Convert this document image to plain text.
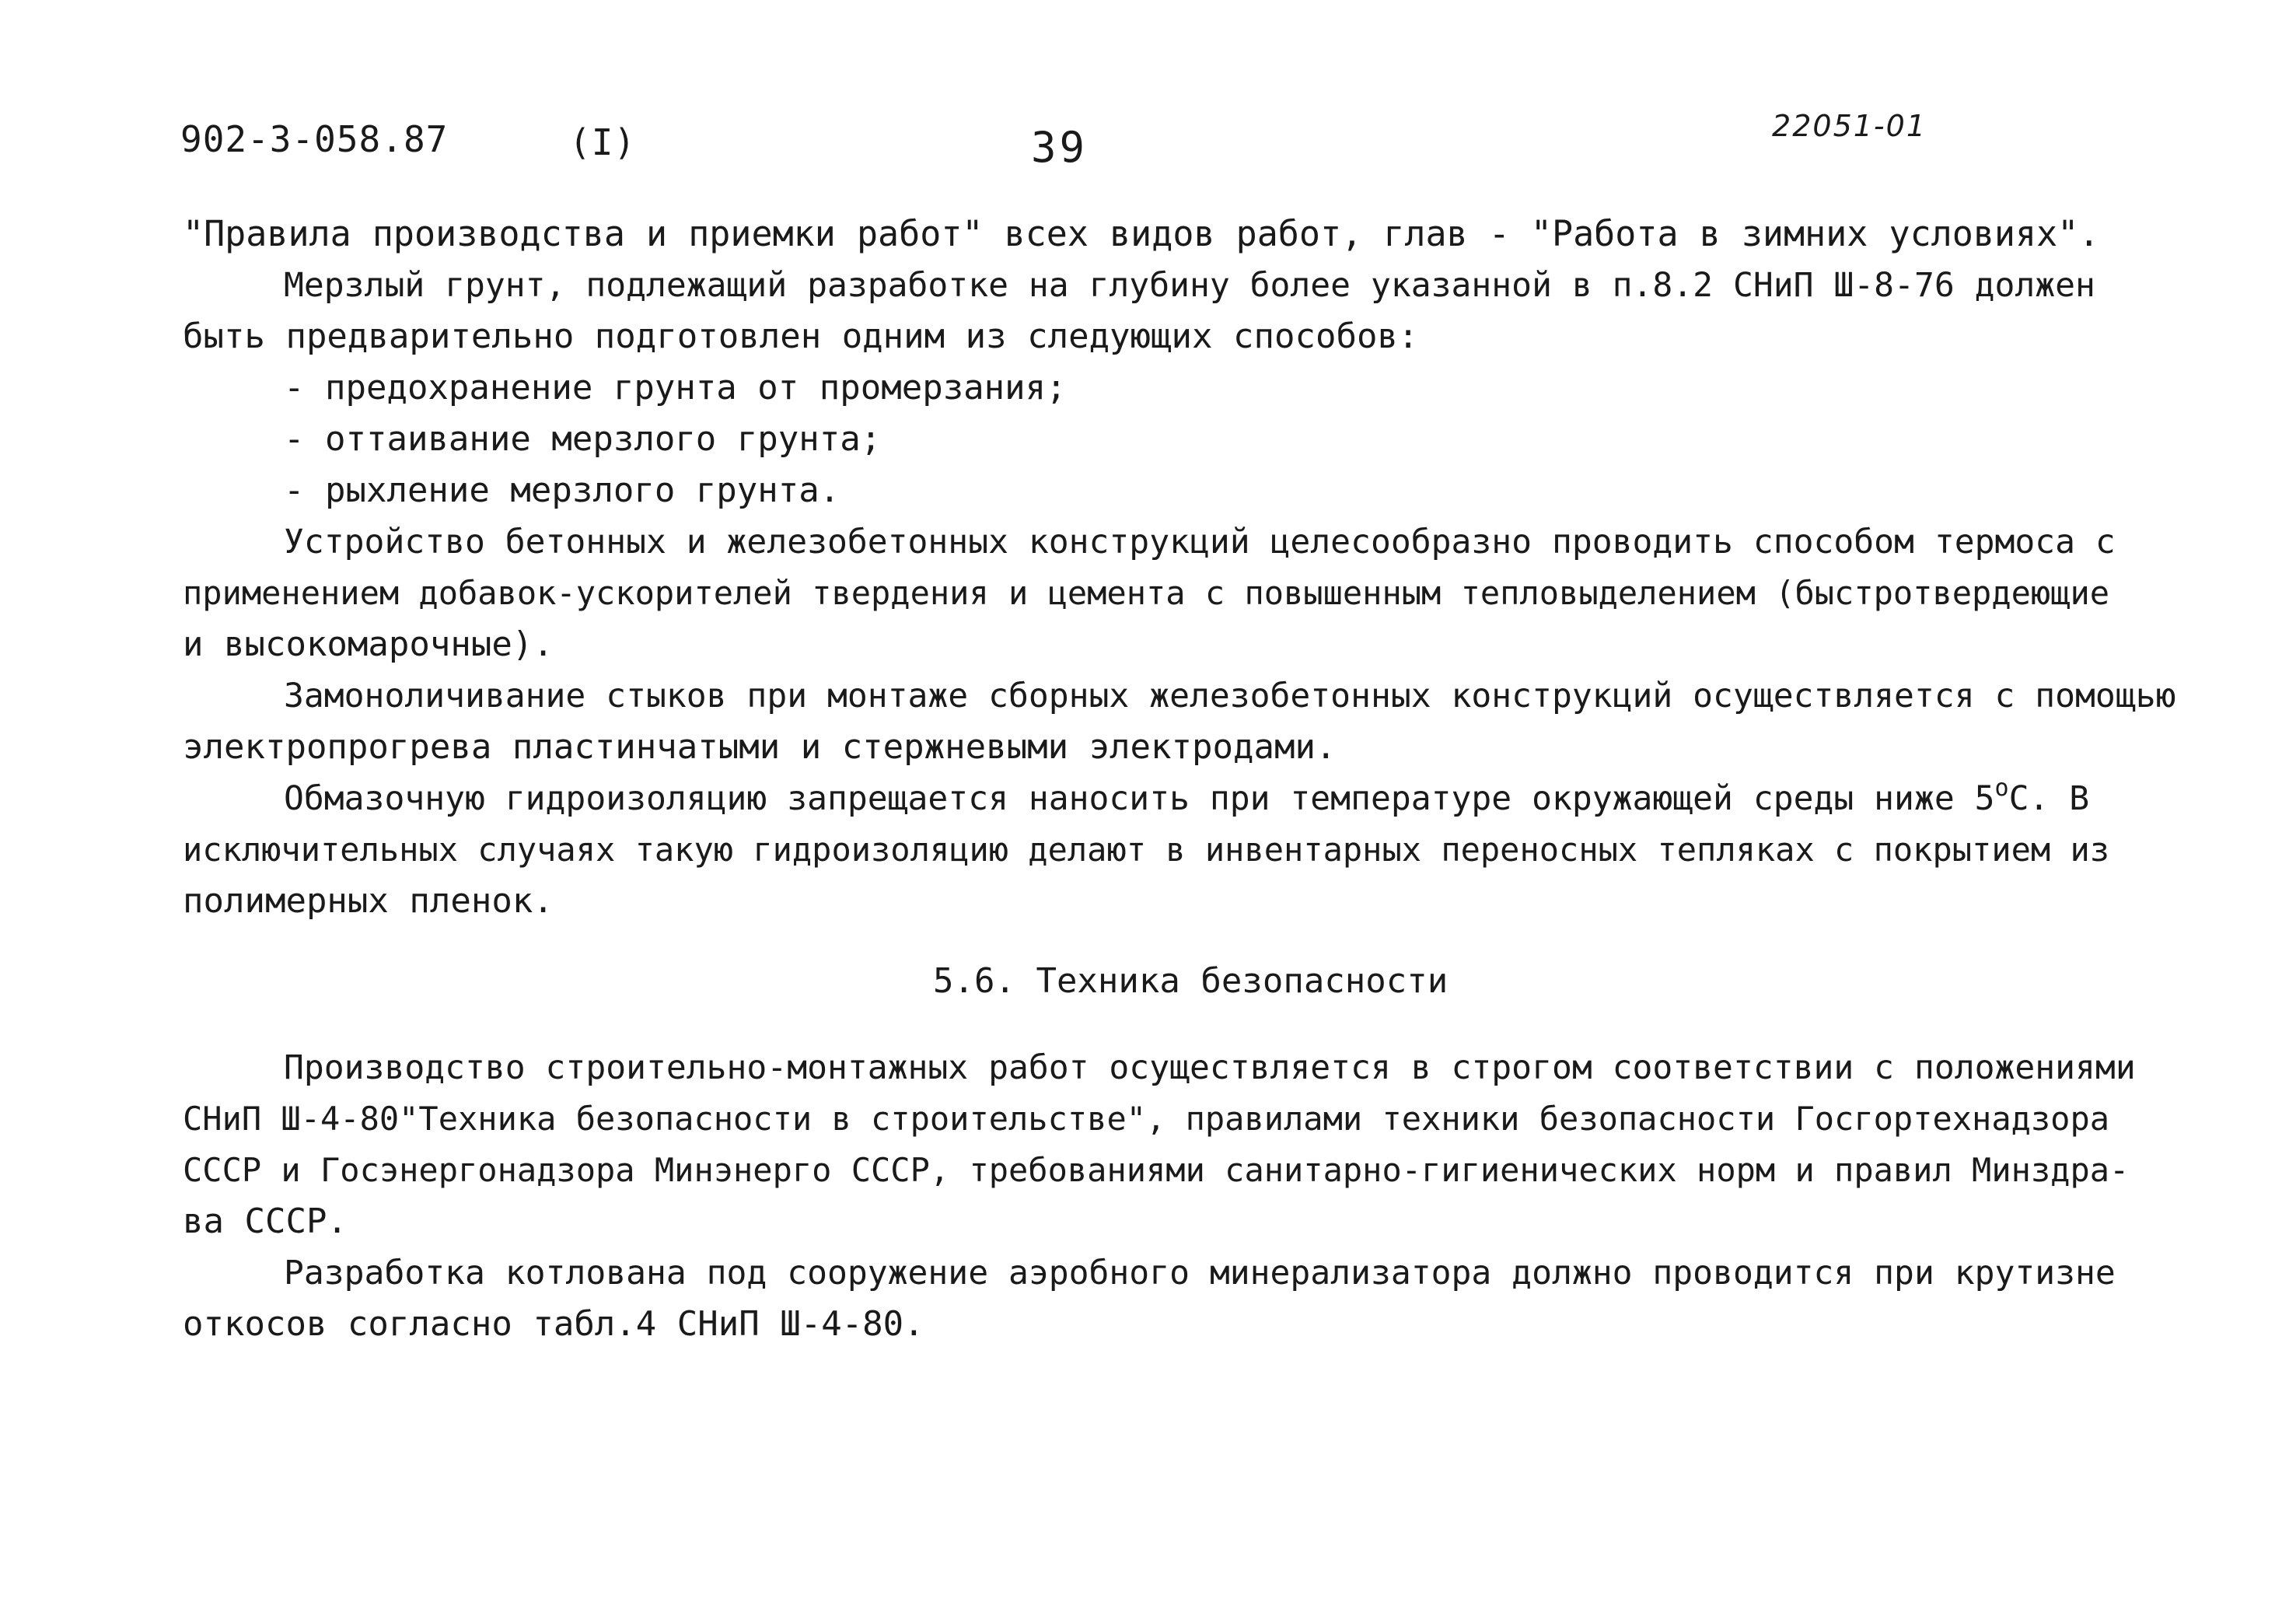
902-3-058.87	(I)	39	22051-01
"Правила производства и приемки работ" всех видов работ, глав - "Работа в зимних условиях".
Мерзлый грунт, подлежащий разработке на глубину более указанной в п.8.2 СНиП Ш-8-76 должен
быть предварительно подготовлен одним из следующих способов:
- предохранение грунта от промерзания;
- оттаивание мерзлого грунта;
- рыхление мерзлого грунта.
Устройство бетонных и железобетонных конструкций целесообразно проводить способом термоса с
применением добавок-ускорителей твердения и цемента с повышенным тепловыделением (быстротвердеющие
и высокомарочные).
Замоноличивание стыков при монтаже сборных железобетонных конструкций осуществляется с помощью
электропрогрева пластинчатыми и стержневыми электродами.
Обмазочную гидроизоляцию запрещается наносить при температуре окружающей среды ниже 5$^o$С. В
исключительных случаях такую гидроизоляцию делают в инвентарных переносных тепляках с покрытием из
полимерных пленок.
5.6. Техника безопасности
Производство строительно-монтажных работ осуществляется в строгом соответствии с положениями
СНиП Ш-4-80"Техника безопасности в строительстве", правилами техники безопасности Госгортехнадзора
СССР и Госэнергонадзора Минэнерго СССР, требованиями санитарно-гигиенических норм и правил Минздра-
ва СССР.
Разработка котлована под сооружение аэробного минерализатора должно проводится при крутизне
откосов согласно табл.4 СНиП Ш-4-80.
